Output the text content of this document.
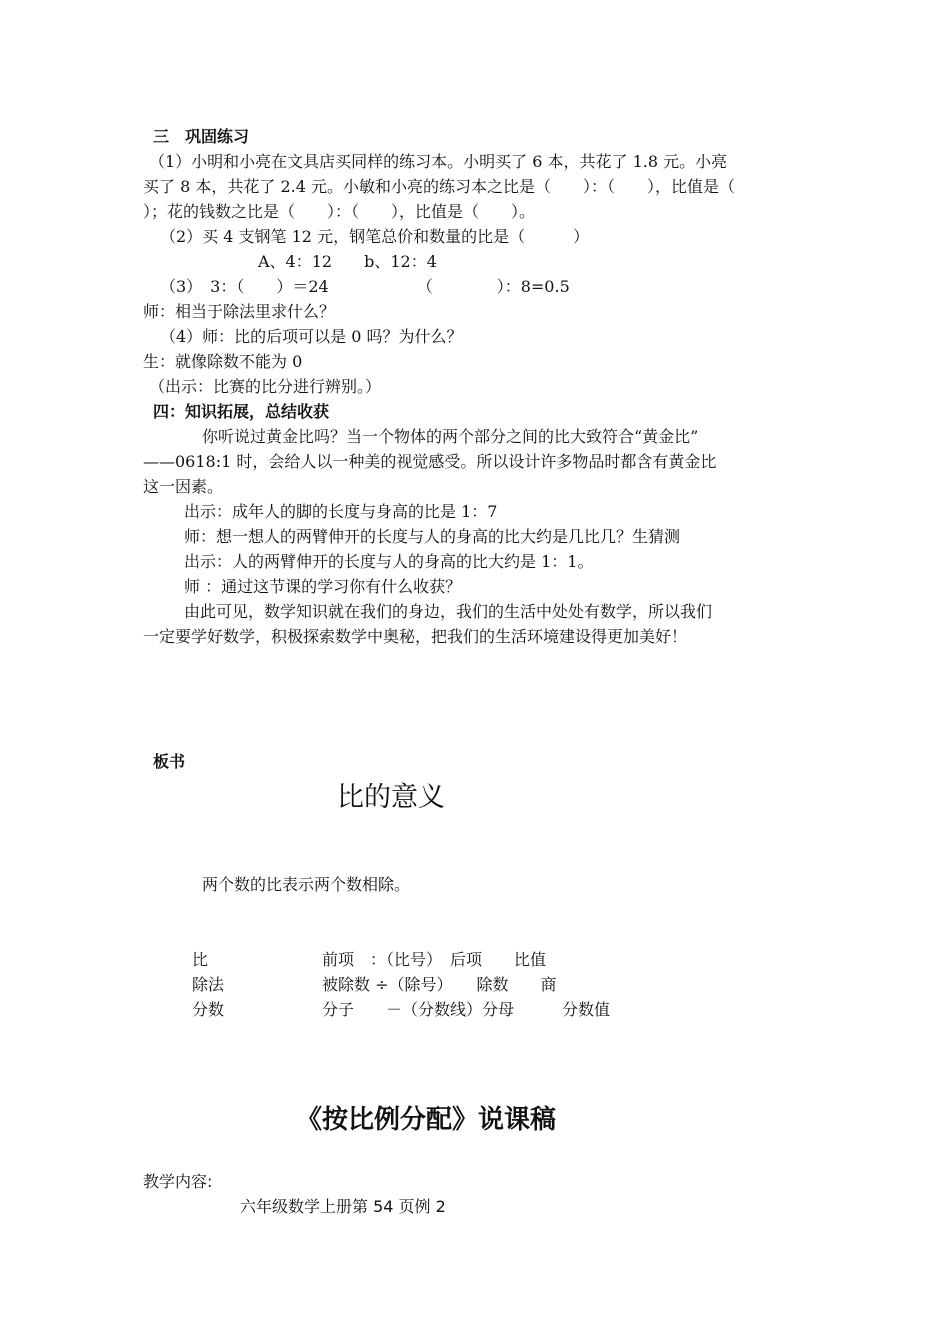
三　巩固练习
（1）小明和小亮在文具店买同样的练习本。小明买了 6 本，共花了 1.8 元。小亮
买了 8 本，共花了 2.4 元。小敏和小亮的练习本之比是（　　）：（　　），比值是（
）；花的钱数之比是（　　）：（　　），比值是（　　）。
（2）买 4 支钢笔 12 元，钢笔总价和数量的比是（　　　）
A、4：12　　b、12：4
（3）　3：（　　）＝24　　　　　　（　　　　）：8=0.5
师：相当于除法里求什么？
（4）师：比的后项可以是 0 吗？为什么？
生：就像除数不能为 0
（出示：比赛的比分进行辨别。）
四：知识拓展，总结收获
你听说过黄金比吗？当一个物体的两个部分之间的比大致符合“黄金比”
——0618:1 时，会给人以一种美的视觉感受。所以设计许多物品时都含有黄金比
这一因素。
出示：成年人的脚的长度与身高的比是 1：7
师：想一想人的两臂伸开的长度与人的身高的比大约是几比几？生猜测
出示：人的两臂伸开的长度与人的身高的比大约是 1：1。
师 ：通过这节课的学习你有什么收获？
由此可见，数学知识就在我们的身边，我们的生活中处处有数学，所以我们
一定要学好数学，积极探索数学中奥秘，把我们的生活环境建设得更加美好！
板书
比的意义
两个数的比表示两个数相除。
比	前项　：（比号）　后项　　比值
除法	被除数 ÷（除号）　　除数　　商
分数	分子　　－（分数线）分母　　　分数值
《按比例分配》说课稿
教学内容:
六年级数学上册第 54 页例 2
